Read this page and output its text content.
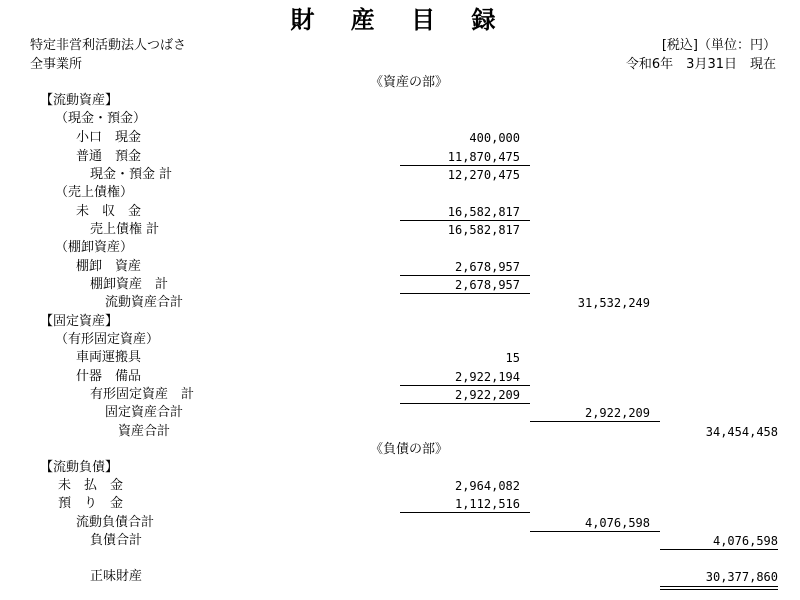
財 産 目 録
特定非営利活動法人つばさ
全事業所
[税込]（単位：円）
令和6年　3月31日　現在
《資産の部》
【流動資産】
（現金・預金）
小口　現金	400,000
普通　預金	11,870,475
現金・預金 計	12,270,475
（売上債権）
未　収　金	16,582,817
売上債権 計	16,582,817
（棚卸資産）
棚卸　資産	2,678,957
棚卸資産　計	2,678,957
流動資産合計	31,532,249
【固定資産】
（有形固定資産）
車両運搬具	15
什器　備品	2,922,194
有形固定資産　計	2,922,209
固定資産合計	2,922,209
資産合計	34,454,458
《負債の部》
【流動負債】
未　払　金	2,964,082
預　り　金	1,112,516
流動負債合計	4,076,598
負債合計	4,076,598
正味財産	30,377,860
